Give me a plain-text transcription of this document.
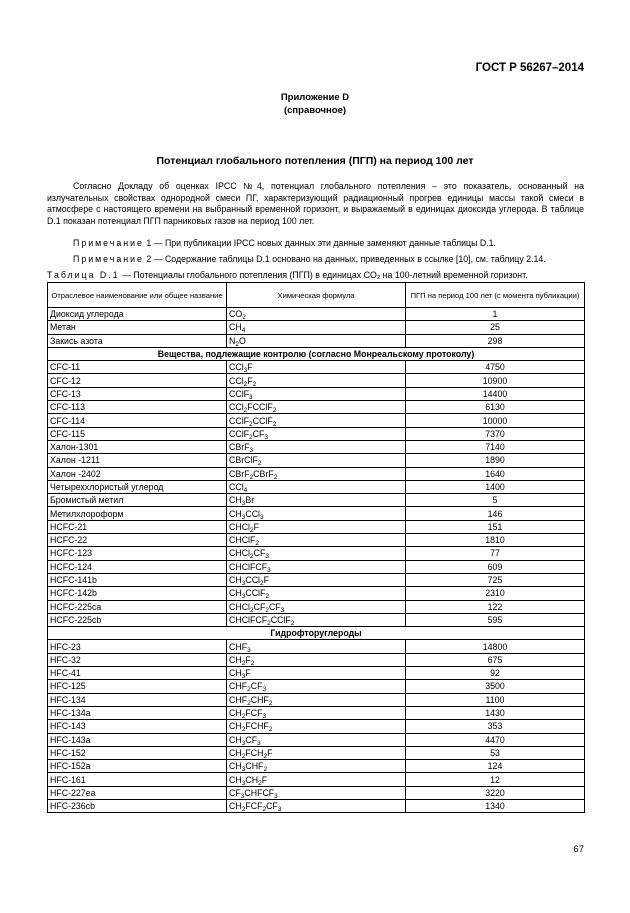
ГОСТ Р 56267–2014
Приложение D
(справочное)
Потенциал глобального потепления (ПГП) на период 100 лет
Согласно Докладу об оценках IPCC №4, потенциал глобального потепления – это показатель, основанный на излучательных свойствах однородной смеси ПГ, характеризующий радиационный прогрев единицы массы такой смеси в атмосфере с настоящего времени на выбранный временной горизонт, и выражаемый в единицах диоксида углерода. В таблице D.1 показан потенциал ПГП парниковых газов на период 100 лет.
Примечание 1 — При публикации IPCC новых данных эти данные заменяют данные таблицы D.1.
Примечание 2 — Содержание таблицы D.1 основано на данных, приведенных в ссылке [10], см. таблицу 2.14.
Таблица D.1 — Потенциалы глобального потепления (ПГП) в единицах CO₂ на 100-летний временной горизонт.
Отраслевое наименование или общее название	Химическая формула	ПГП на период 100 лет (с момента публикации)
Диоксид углерода	$CO_2$	1
Метан	$CH_4$	25
Закись азота	$N_2O$	298
Вещества, подлежащие контролю (согласно Монреальскому протоколу)		
CFC-11	CCl$_3$F	4750
CFC-12	$CCl_2F_2$	10900
CFC-13	CClF$_3$	14400
CFC-113	CCl$_2$FCClF$_2$	6130
CFC-114	CClF$_2$CClF$_2$	10000
CFC-115	$CClF_2CF_3$	7370
Халон-1301	CBrF$_3$	7140
Халон -1211	CBrClF$_2$	1890
Халон -2402	CBrF$_2$CBrF$_2$	1640
Четыреххлористый углерод	CCl$_4$	1400
Бромистый метил	$CH_3Br$	5
Метилхлороформ	$CH_3CCl_3$	146
HCFC-21	CHCl$_2$F	151
HCFC-22	CHClF$_2$	1810
HCFC-123	$CHCl_2CF_3$	77
HCFC-124	CHClFCF$_3$	609
HCFC-141b	$CH_3CCl_2F$	725
HCFC-142b	$CH_3CClF_2$	2310
HCFC-225ca	$CHCl_2CF_2CF_3$	122
HCFC-225cb	CHClFCF$_2$CClF$_2$	595
Гидрофторуглероды		
HFC-23	$CHF_3$	14800
HFC-32	$CH_2F_2$	675
HFC-41	$CH_3F$	92
HFC-125	$CHF_2CF_3$	3500
HFC-134	$CHF_2CHF_2$	1100
HFC-134a	$CH_2FCF_3$	1430
HFC-143	$CH_2FCHF_2$	353
HFC-143a	$CH_3CF_3$	4470
HFC-152	$CH_2FCH_2F$	53
HFC-152a	$CH_3CHF_2$	124
HFC-161	$CH_3CH_2F$	12
HFC-227ea	$CF_3CHFCF_3$	3220
HFC-236cb	$CH_2FCF_2CF_3$	1340
67
